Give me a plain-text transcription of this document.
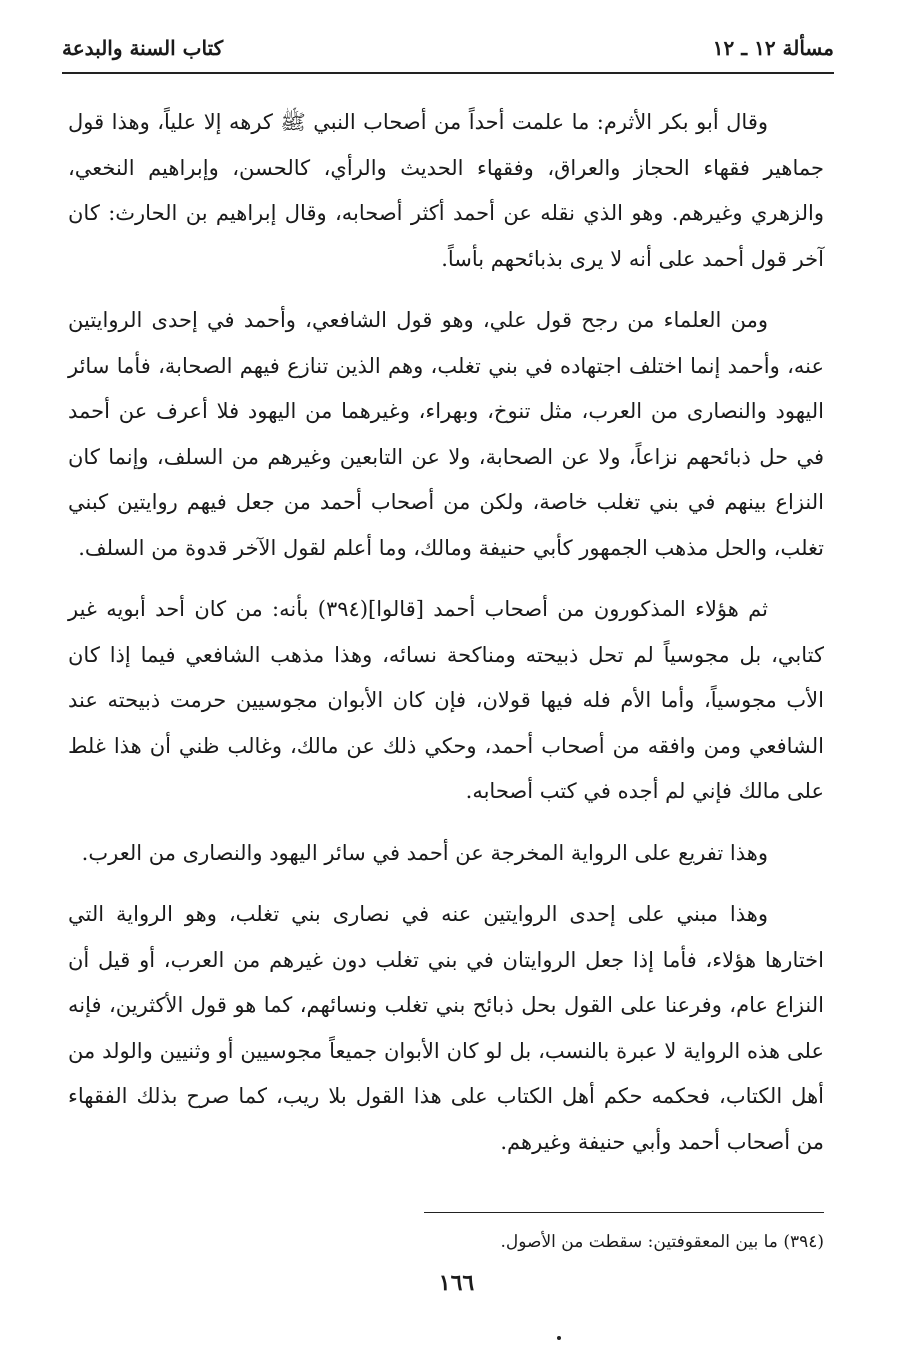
مسألة ١٢ ـ ١٢
كتاب السنة والبدعة

وقال أبو بكر الأثرم: ما علمت أحداً من أصحاب النبي ﷺ كرهه إلا علياً، وهذا قول جماهير فقهاء الحجاز والعراق، وفقهاء الحديث والرأي، كالحسن، وإبراهيم النخعي، والزهري وغيرهم. وهو الذي نقله عن أحمد أكثر أصحابه، وقال إبراهيم بن الحارث: كان آخر قول أحمد على أنه لا يرى بذبائحهم بأساً.

ومن العلماء من رجح قول علي، وهو قول الشافعي، وأحمد في إحدى الروايتين عنه، وأحمد إنما اختلف اجتهاده في بني تغلب، وهم الذين تنازع فيهم الصحابة، فأما سائر اليهود والنصارى من العرب، مثل تنوخ، وبهراء، وغيرهما من اليهود فلا أعرف عن أحمد في حل ذبائحهم نزاعاً، ولا عن الصحابة، ولا عن التابعين وغيرهم من السلف، وإنما كان النزاع بينهم في بني تغلب خاصة، ولكن من أصحاب أحمد من جعل فيهم روايتين كبني تغلب، والحل مذهب الجمهور كأبي حنيفة ومالك، وما أعلم لقول الآخر قدوة من السلف.

ثم هؤلاء المذكورون من أصحاب أحمد [قالوا](٣٩٤) بأنه: من كان أحد أبويه غير كتابي، بل مجوسياً لم تحل ذبيحته ومناكحة نسائه، وهذا مذهب الشافعي فيما إذا كان الأب مجوسياً، وأما الأم فله فيها قولان، فإن كان الأبوان مجوسيين حرمت ذبيحته عند الشافعي ومن وافقه من أصحاب أحمد، وحكي ذلك عن مالك، وغالب ظني أن هذا غلط على مالك فإني لم أجده في كتب أصحابه.

وهذا تفريع على الرواية المخرجة عن أحمد في سائر اليهود والنصارى من العرب.

وهذا مبني على إحدى الروايتين عنه في نصارى بني تغلب، وهو الرواية التي اختارها هؤلاء، فأما إذا جعل الروايتان في بني تغلب دون غيرهم من العرب، أو قيل أن النزاع عام، وفرعنا على القول بحل ذبائح بني تغلب ونسائهم، كما هو قول الأكثرين، فإنه على هذه الرواية لا عبرة بالنسب، بل لو كان الأبوان جميعاً مجوسيين أو وثنيين والولد من أهل الكتاب، فحكمه حكم أهل الكتاب على هذا القول بلا ريب، كما صرح بذلك الفقهاء من أصحاب أحمد وأبي حنيفة وغيرهم.

(٣٩٤) ما بين المعقوفتين: سقطت من الأصول.
١٦٦
